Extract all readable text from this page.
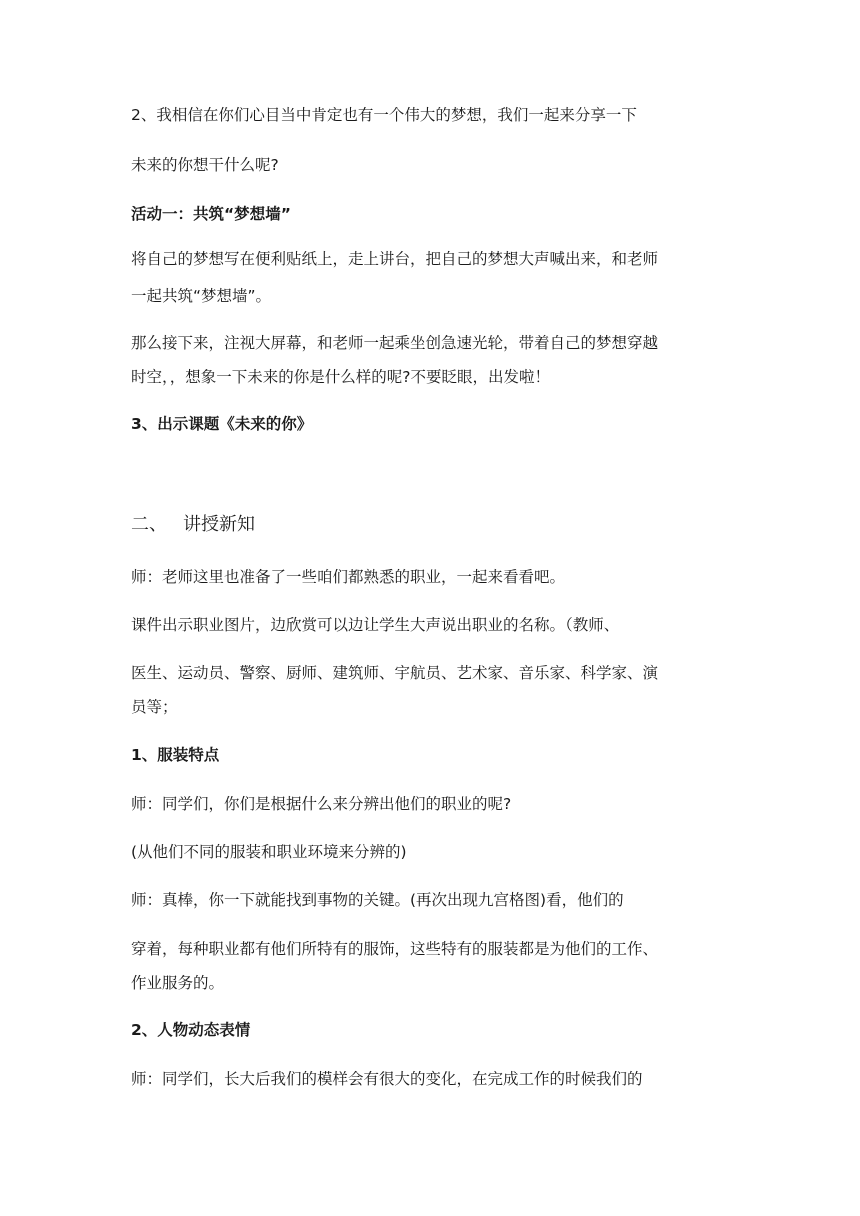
2、我相信在你们心目当中肯定也有一个伟大的梦想，我们一起来分享一下
未来的你想干什么呢?
活动一：共筑“梦想墙”
将自己的梦想写在便利贴纸上，走上讲台，把自己的梦想大声喊出来，和老师
一起共筑“梦想墙”。
那么接下来，注视大屏幕，和老师一起乘坐创急速光轮，带着自己的梦想穿越
时空，，想象一下未来的你是什么样的呢?不要眨眼，出发啦！
3、出示课题《未来的你》
二、 讲授新知
师：老师这里也准备了一些咱们都熟悉的职业，一起来看看吧。
课件出示职业图片，边欣赏可以边让学生大声说出职业的名称。（教师、
医生、运动员、警察、厨师、建筑师、宇航员、艺术家、音乐家、科学家、演
员等；
1、服装特点
师：同学们，你们是根据什么来分辨出他们的职业的呢?
(从他们不同的服装和职业环境来分辨的)
师：真棒，你一下就能找到事物的关键。(再次出现九宫格图)看，他们的
穿着，每种职业都有他们所特有的服饰，这些特有的服装都是为他们的工作、
作业服务的。
2、人物动态表情
师：同学们，长大后我们的模样会有很大的变化，在完成工作的时候我们的
